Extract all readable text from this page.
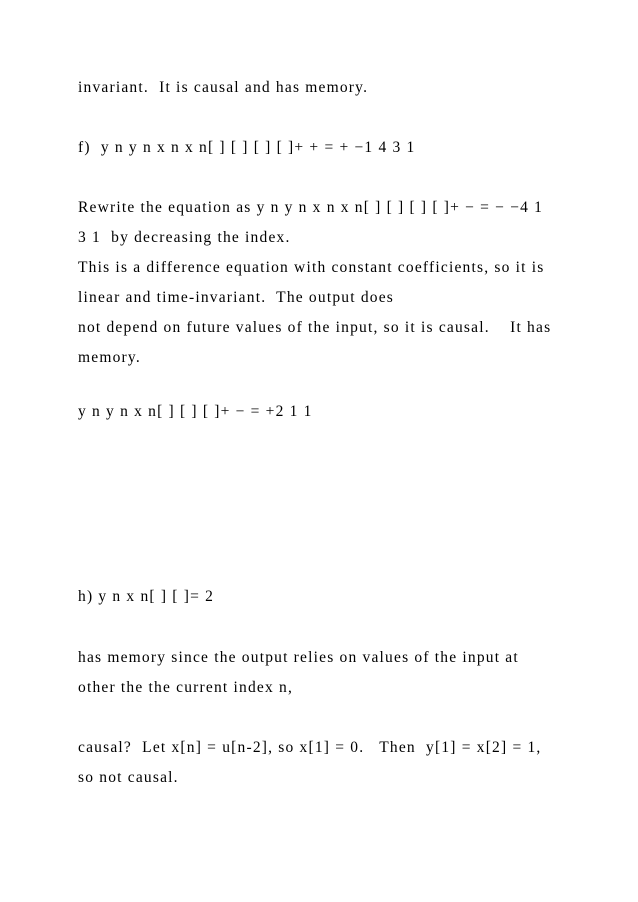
invariant.  It is causal and has memory.
f)  y n y n x n x n[ ] [ ] [ ] [ ]+ + = + −1 4 3 1
Rewrite the equation as y n y n x n x n[ ] [ ] [ ] [ ]+ − = − −4 1
3 1  by decreasing the index.
This is a difference equation with constant coefficients, so it is
linear and time-invariant.  The output does
not depend on future values of the input, so it is causal.    It has
memory.
y n y n x n[ ] [ ] [ ]+ − = +2 1 1
h) y n x n[ ] [ ]= 2
has memory since the output relies on values of the input at
other the the current index n,
causal?  Let x[n] = u[n-2], so x[1] = 0.   Then  y[1] = x[2] = 1,
so not causal.
